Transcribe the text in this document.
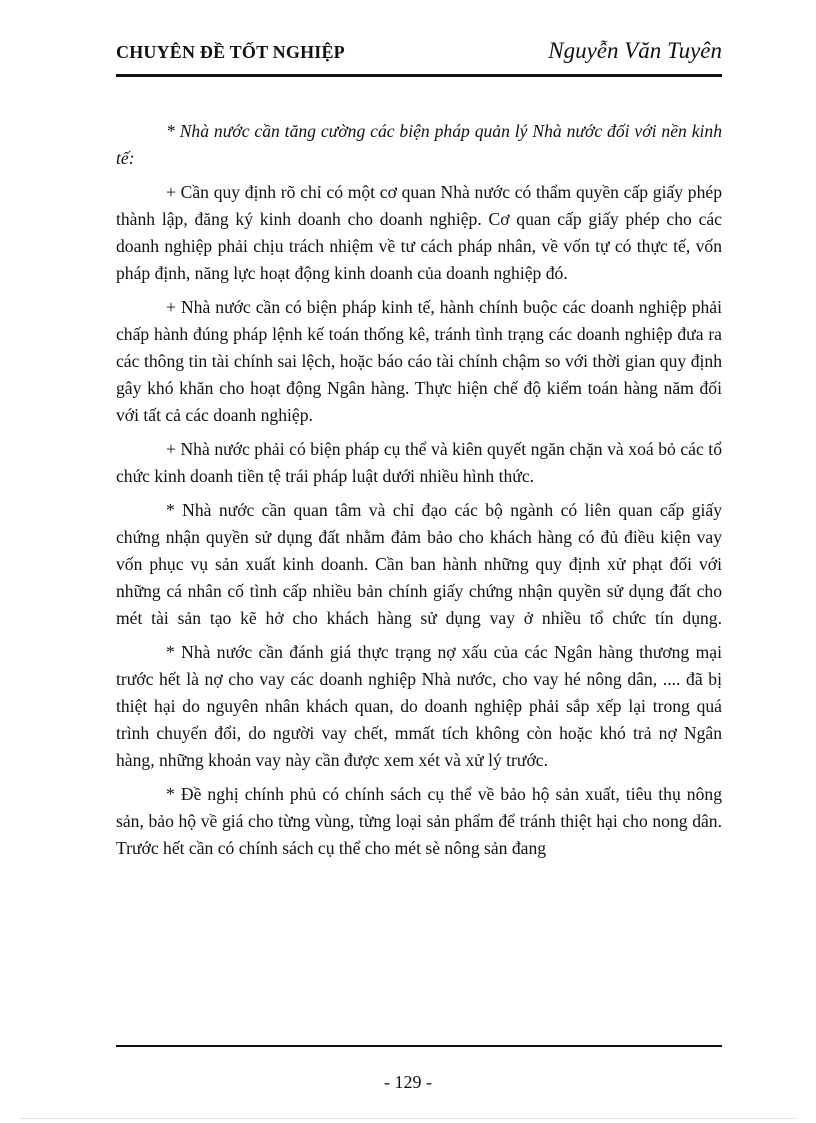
CHUYÊN ĐỀ TỐT NGHIỆP	Nguyễn Văn Tuyên

* Nhà nước cần tăng cường các biện pháp quản lý Nhà nước đối với nền kinh tế:

+ Cần quy định rõ chỉ có một cơ quan Nhà nước có thẩm quyền cấp giấy phép thành lập, đăng ký kinh doanh cho doanh nghiệp. Cơ quan cấp giấy phép cho các doanh nghiệp phải chịu trách nhiệm về tư cách pháp nhân, về vốn tự có thực tế, vốn pháp định, năng lực hoạt động kinh doanh của doanh nghiệp đó.

+ Nhà nước cần có biện pháp kinh tế, hành chính buộc các doanh nghiệp phải chấp hành đúng pháp lệnh kế toán thống kê, tránh tình trạng các doanh nghiệp đưa ra các thông tin tài chính sai lệch, hoặc báo cáo tài chính chậm so với thời gian quy định gây khó khăn cho hoạt động Ngân hàng. Thực hiện chế độ kiểm toán hàng năm đối với tất cả các doanh nghiệp.

+ Nhà nước phải có biện pháp cụ thể và kiên quyết ngăn chặn và xoá bỏ các tổ chức kinh doanh tiền tệ trái pháp luật dưới nhiều hình thức.

* Nhà nước cần quan tâm và chỉ đạo các bộ ngành có liên quan cấp giấy chứng nhận quyền sử dụng đất nhằm đảm bảo cho khách hàng có đủ điều kiện vay vốn phục vụ sản xuất kinh doanh. Cần ban hành những quy định xử phạt đối với những cá nhân cố tình cấp nhiều bản chính giấy chứng nhận quyền sử dụng đất cho mét tài sản tạo kẽ hở cho khách hàng sử dụng vay ở nhiều tổ chức tín dụng.

* Nhà nước cần đánh giá thực trạng nợ xấu của các Ngân hàng thương mại trước hết là nợ cho vay các doanh nghiệp Nhà nước, cho vay hé nông dân, .... đã bị thiệt hại do nguyên nhân khách quan, do doanh nghiệp phải sắp xếp lại trong quá trình chuyển đổi, do người vay chết, mmất tích không còn hoặc khó trả nợ Ngân hàng, những khoản vay này cần được xem xét và xử lý trước.

* Đề nghị chính phủ có chính sách cụ thể về bảo hộ sản xuất, tiêu thụ nông sản, bảo hộ về giá cho từng vùng, từng loại sản phẩm để tránh thiệt hại cho nong dân. Trước hết cần có chính sách cụ thể cho mét sè nông sản đang

- 129 -
